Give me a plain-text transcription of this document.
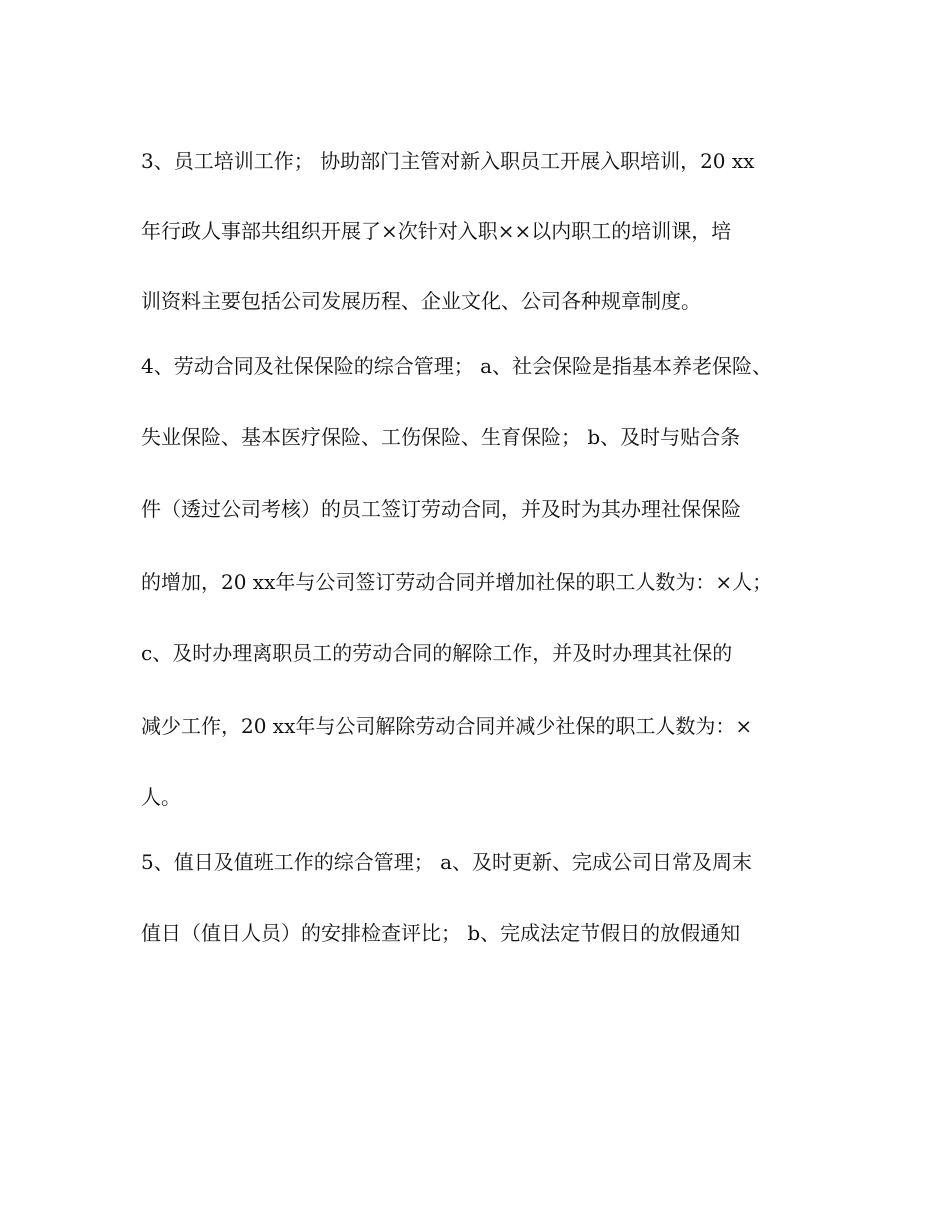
3、员工培训工作； 协助部门主管对新入职员工开展入职培训，20 xx
年行政人事部共组织开展了×次针对入职××以内职工的培训课，培
训资料主要包括公司发展历程、企业文化、公司各种规章制度。
4、劳动合同及社保保险的综合管理； a、社会保险是指基本养老保险、
失业保险、基本医疗保险、工伤保险、生育保险； b、及时与贴合条
件（透过公司考核）的员工签订劳动合同，并及时为其办理社保保险
的增加，20 xx年与公司签订劳动合同并增加社保的职工人数为：×人；
c、及时办理离职员工的劳动合同的解除工作，并及时办理其社保的
减少工作，20 xx年与公司解除劳动合同并减少社保的职工人数为：×
人。
5、值日及值班工作的综合管理； a、及时更新、完成公司日常及周末
值日（值日人员）的安排检查评比； b、完成法定节假日的放假通知
